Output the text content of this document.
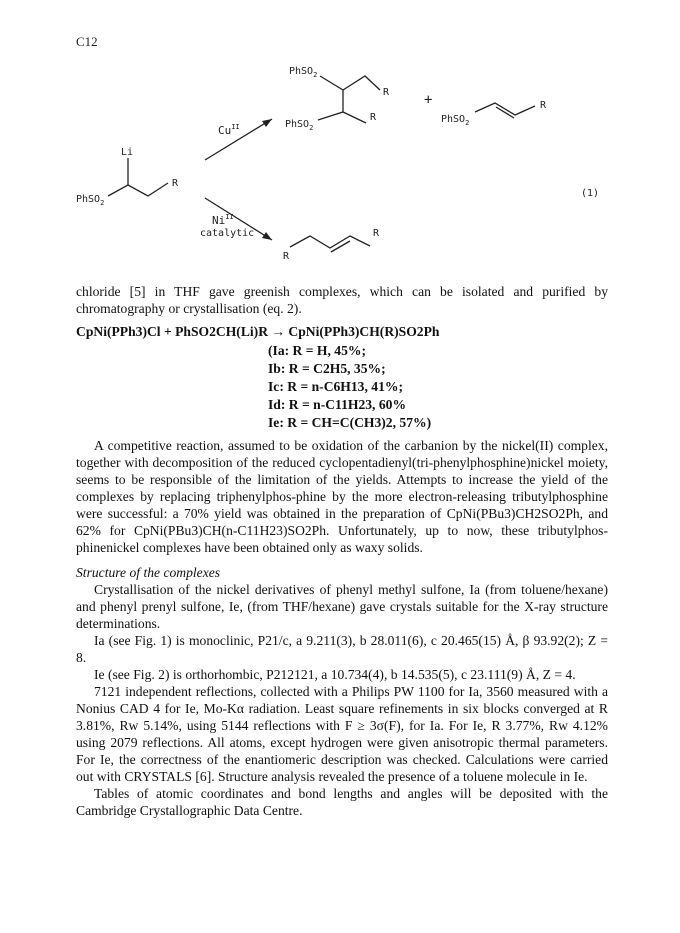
C12
PhSO$_2$
Li
R
$Cu^{II}$
$Ni^{II}$
catalytic
PhSO$_2$
R
PhSO$_2$
R
+
PhSO$_2$
R
R
R
(1)

chloride [5] in THF gave greenish complexes, which can be isolated and purified by chromatography or crystallisation (eq. 2).

CpNi(PPh3)Cl + PhSO2CH(Li)R → CpNi(PPh3)CH(R)SO2Ph
(Ia: R = H, 45%;
Ib: R = C2H5, 35%;
Ic: R = n-C6H13, 41%;
Id: R = n-C11H23, 60%
Ie: R = CH=C(CH3)2, 57%)

A competitive reaction, assumed to be oxidation of the carbanion by the nickel(II) complex, together with decomposition of the reduced cyclopentadienyl(tri-phenylphosphine)nickel moiety, seems to be responsible of the limitation of the yields. Attempts to increase the yield of the complexes by replacing triphenylphos-phine by the more electron-releasing tributylphosphine were successful: a 70% yield was obtained in the preparation of CpNi(PBu3)CH2SO2Ph, and 62% for CpNi(PBu3)CH(n-C11H23)SO2Ph. Unfortunately, up to now, these tributylphos-phinenickel complexes have been obtained only as waxy solids.

Structure of the complexes

Crystallisation of the nickel derivatives of phenyl methyl sulfone, Ia (from toluene/hexane) and phenyl prenyl sulfone, Ie, (from THF/hexane) gave crystals suitable for the X-ray structure determinations.

Ia (see Fig. 1) is monoclinic, P21/c, a 9.211(3), b 28.011(6), c 20.465(15) Å, β 93.92(2); Z = 8.

Ie (see Fig. 2) is orthorhombic, P212121, a 10.734(4), b 14.535(5), c 23.111(9) Å, Z = 4.

7121 independent reflections, collected with a Philips PW 1100 for Ia, 3560 measured with a Nonius CAD 4 for Ie, Mo-Kα radiation. Least square refinements in six blocks converged at R 3.81%, Rw 5.14%, using 5144 reflections with F ≥ 3σ(F), for Ia. For Ie, R 3.77%, Rw 4.12% using 2079 reflections. All atoms, except hydrogen were given anisotropic thermal parameters. For Ie, the correctness of the enantiomeric description was checked. Calculations were carried out with CRYSTALS [6]. Structure analysis revealed the presence of a toluene molecule in Ie.

Tables of atomic coordinates and bond lengths and angles will be deposited with the Cambridge Crystallographic Data Centre.
